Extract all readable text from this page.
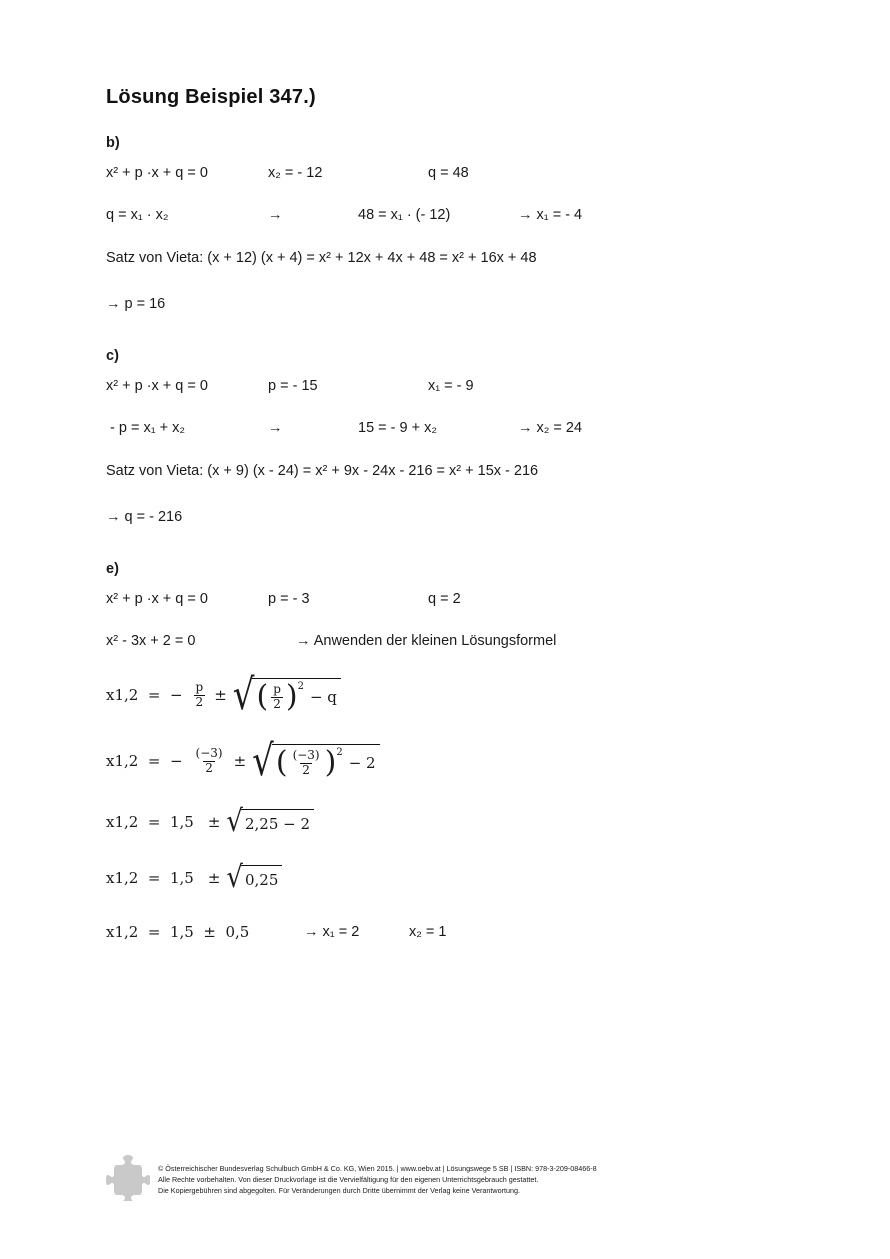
Lösung Beispiel 347.)
b)
x² + p ·x + q = 0	x₂ = - 12	q = 48
q = x₁ · x₂	→	48 = x₁ · (- 12)	→ x₁ = - 4
Satz von Vieta: (x + 12) (x + 4) = x² + 12x + 4x + 48 = x² + 16x + 48
→ p = 16
c)
x² + p ·x + q = 0	p = - 15	x₁ = - 9
- p = x₁ + x₂	→	15 = - 9 + x₂	→ x₂ = 24
Satz von Vieta: (x + 9) (x - 24) = x² + 9x - 24x - 216 = x² + 15x - 216
→ q = - 216
e)
x² + p ·x + q = 0	p = - 3	q = 2
x² - 3x + 2 = 0	→ Anwenden der kleinen Lösungsformel
x1,2  =  − $\frac{p}{2}$ ± √ ( $\frac{p}{2}$ ) 2
− q
x1,2  =  − $\frac{(-3)}{2}$ ± √ ( $\frac{(-3)}{2}$ ) 2
− 2
x1,2  =  1,5 ± √ 2,25 − 2
x1,2  =  1,5 ± √ 0,25
x1,2  =  1,5  ±  0,5	→ x₁ = 2	x₂ = 1
© Österreichischer Bundesverlag Schulbuch GmbH & Co. KG, Wien 2015. | www.oebv.at | Lösungswege 5 SB | ISBN: 978-3-209-08466-8
Alle Rechte vorbehalten. Von dieser Druckvorlage ist die Vervielfältigung für den eigenen Unterrichtsgebrauch gestattet.
Die Kopiergebühren sind abgegolten. Für Veränderungen durch Dritte übernimmt der Verlag keine Verantwortung.
